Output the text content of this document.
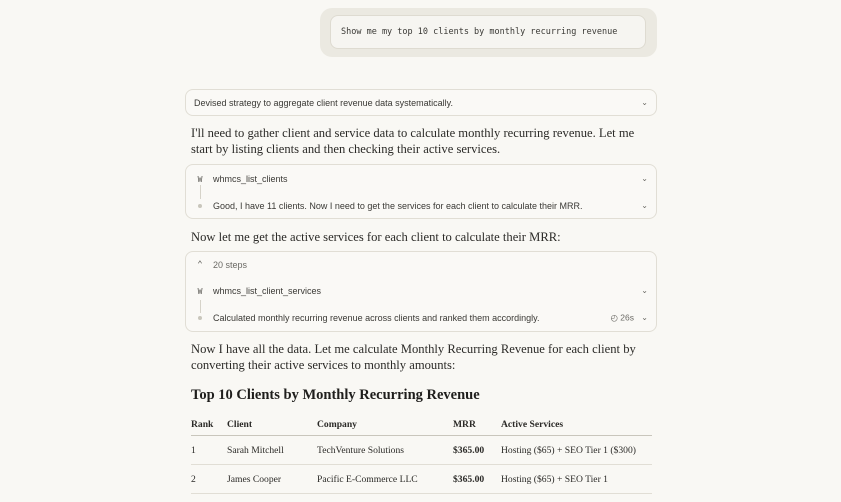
Show me my top 10 clients by monthly recurring revenue
Devised strategy to aggregate client revenue data systematically.	⌄
I'll need to gather client and service data to calculate monthly recurring revenue. Let me start by listing clients and then checking their active services.
W whmcs_list_clients	⌄
Good, I have 11 clients. Now I need to get the services for each client to calculate their MRR.	⌄
Now let me get the active services for each client to calculate their MRR:
⌃ 20 steps
W whmcs_list_client_services	⌄
Calculated monthly recurring revenue across clients and ranked them accordingly.	◴ 26s ⌄
Now I have all the data. Let me calculate Monthly Recurring Revenue for each client by converting their active services to monthly amounts:
Top 10 Clients by Monthly Recurring Revenue
Rank	Client	Company	MRR	Active Services
1	Sarah Mitchell	TechVenture Solutions	$365.00	Hosting ($65) + SEO Tier 1 ($300)
2	James Cooper	Pacific E-Commerce LLC	$365.00	Hosting ($65) + SEO Tier 1
